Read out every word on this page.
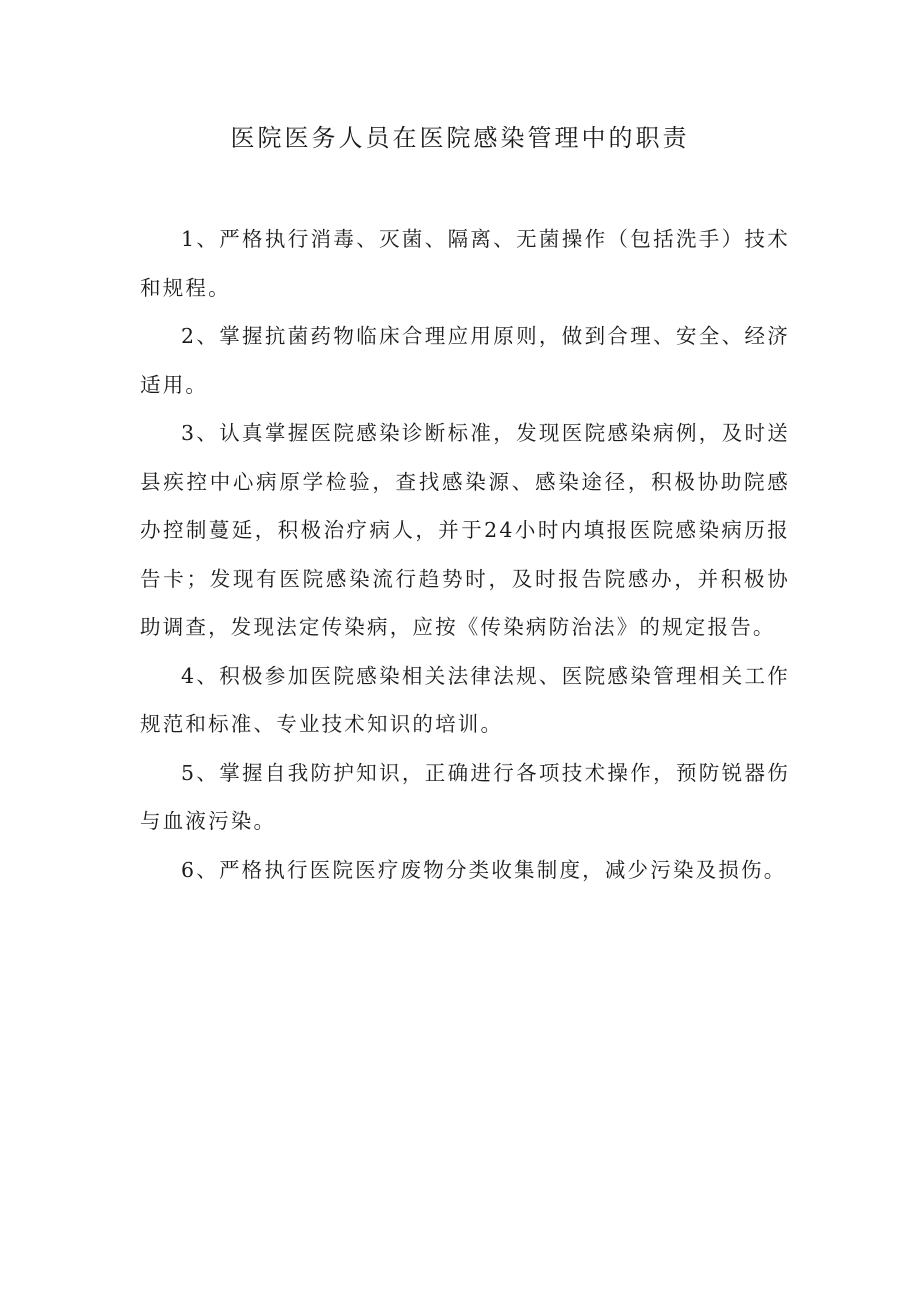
医院医务人员在医院感染管理中的职责

1、严格执行消毒、灭菌、隔离、无菌操作（包括洗手）技术和规程。

2、掌握抗菌药物临床合理应用原则，做到合理、安全、经济适用。

3、认真掌握医院感染诊断标准，发现医院感染病例，及时送县疾控中心病原学检验，查找感染源、感染途径，积极协助院感办控制蔓延，积极治疗病人，并于24小时内填报医院感染病历报告卡；发现有医院感染流行趋势时，及时报告院感办，并积极协助调查，发现法定传染病，应按《传染病防治法》的规定报告。

4、积极参加医院感染相关法律法规、医院感染管理相关工作规范和标准、专业技术知识的培训。

5、掌握自我防护知识，正确进行各项技术操作，预防锐器伤与血液污染。

6、严格执行医院医疗废物分类收集制度，减少污染及损伤。
